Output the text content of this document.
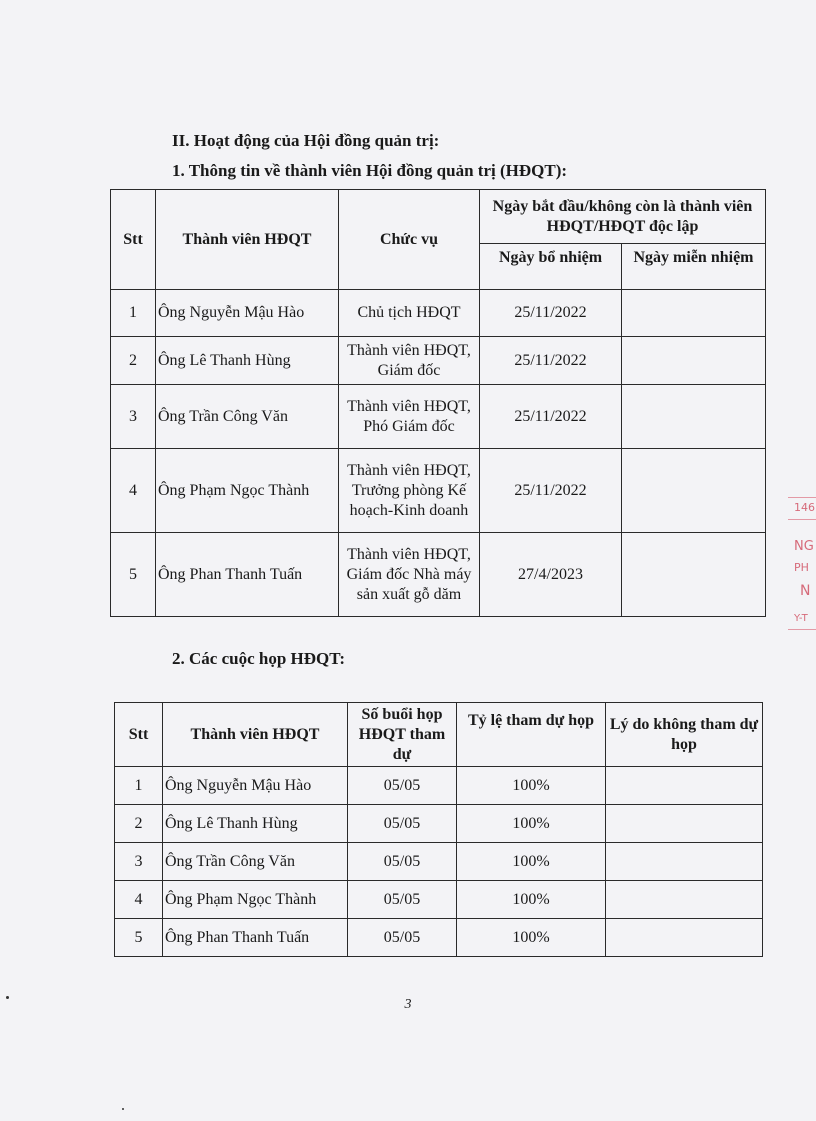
II. Hoạt động của Hội đồng quản trị:
1. Thông tin về thành viên Hội đồng quản trị (HĐQT):
Stt	Thành viên HĐQT	Chức vụ	Ngày bắt đầu/không còn là thành viên HĐQT/HĐQT độc lập	
			Ngày bổ nhiệm	Ngày miễn nhiệm
1	Ông Nguyễn Mậu Hào	Chủ tịch HĐQT	25/11/2022	
2	Ông Lê Thanh Hùng	Thành viên HĐQT, Giám đốc	25/11/2022	
3	Ông Trần Công Văn	Thành viên HĐQT, Phó Giám đốc	25/11/2022	
4	Ông Phạm Ngọc Thành	Thành viên HĐQT, Trưởng phòng Kế hoạch-Kinh doanh	25/11/2022	
5	Ông Phan Thanh Tuấn	Thành viên HĐQT, Giám đốc Nhà máy sản xuất gỗ dăm	27/4/2023	
2. Các cuộc họp HĐQT:
Stt	Thành viên HĐQT	Số buổi họp HĐQT tham dự	Tỷ lệ tham dự họp	Lý do không tham dự họp
1	Ông Nguyễn Mậu Hào	05/05	100%	
2	Ông Lê Thanh Hùng	05/05	100%	
3	Ông Trần Công Văn	05/05	100%	
4	Ông Phạm Ngọc Thành	05/05	100%	
5	Ông Phan Thanh Tuấn	05/05	100%	
3
146
NG
PH
N
Y-T
